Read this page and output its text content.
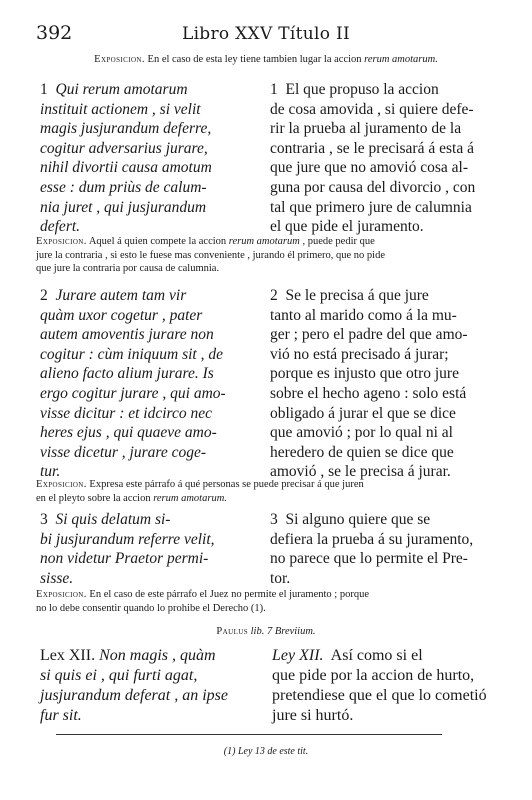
392	Libro XXV Título II
Exposicion. En el caso de esta ley tiene tambien lugar la accion rerum amotarum.
1 Qui rerum amotarum
instituit actionem , si velit
magis jusjurandum deferre,
cogitur adversarius jurare,
nihil divortii causa amotum
esse : dum priùs de calum-
nia juret , qui jusjurandum
defert.
1 El que propuso la accion
de cosa amovida , si quiere defe-
rir la prueba al juramento de la
contraria , se le precisará á esta á
que jure que no amovió cosa al-
guna por causa del divorcio , con
tal que primero jure de calumnia
el que pide el juramento.
Exposicion. Aquel á quien compete la accion rerum amotarum , puede pedir que
jure la contraria , si esto le fuese mas conveniente , jurando él primero, que no pide
que jure la contraria por causa de calumnia.
2 Jurare autem tam vir
quàm uxor cogetur , pater
autem amoventis jurare non
cogitur : cùm iniquum sit , de
alieno facto alium jurare. Is
ergo cogitur jurare , qui amo-
visse dicitur : et idcirco nec
heres ejus , qui quaeve amo-
visse dicetur , jurare coge-
tur.
2 Se le precisa á que jure
tanto al marido como á la mu-
ger ; pero el padre del que amo-
vió no está precisado á jurar;
porque es injusto que otro jure
sobre el hecho ageno : solo está
obligado á jurar el que se dice
que amovió ; por lo qual ni al
heredero de quien se dice que
amovió , se le precisa á jurar.
Exposicion. Expresa este párrafo á qué personas se puede precisar á que juren
en el pleyto sobre la accion rerum amotarum.
3 Si quis delatum si-
bi jusjurandum referre velit,
non videtur Praetor permi-
sisse.
3 Si alguno quiere que se
defiera la prueba á su juramento,
no parece que lo permite el Pre-
tor.
Exposicion. En el caso de este párrafo el Juez no permite el juramento ; porque
no lo debe consentir quando lo prohibe el Derecho (1).
Paulus lib. 7 Breviium.
Lex XII. Non magis , quàm
si quis ei , qui furti agat,
jusjurandum deferat , an ipse
fur sit.
Ley XII. Así como si el
que pide por la accion de hurto,
pretendiese que el que lo cometió
jure si hurtó.
(1) Ley 13 de este tit.
